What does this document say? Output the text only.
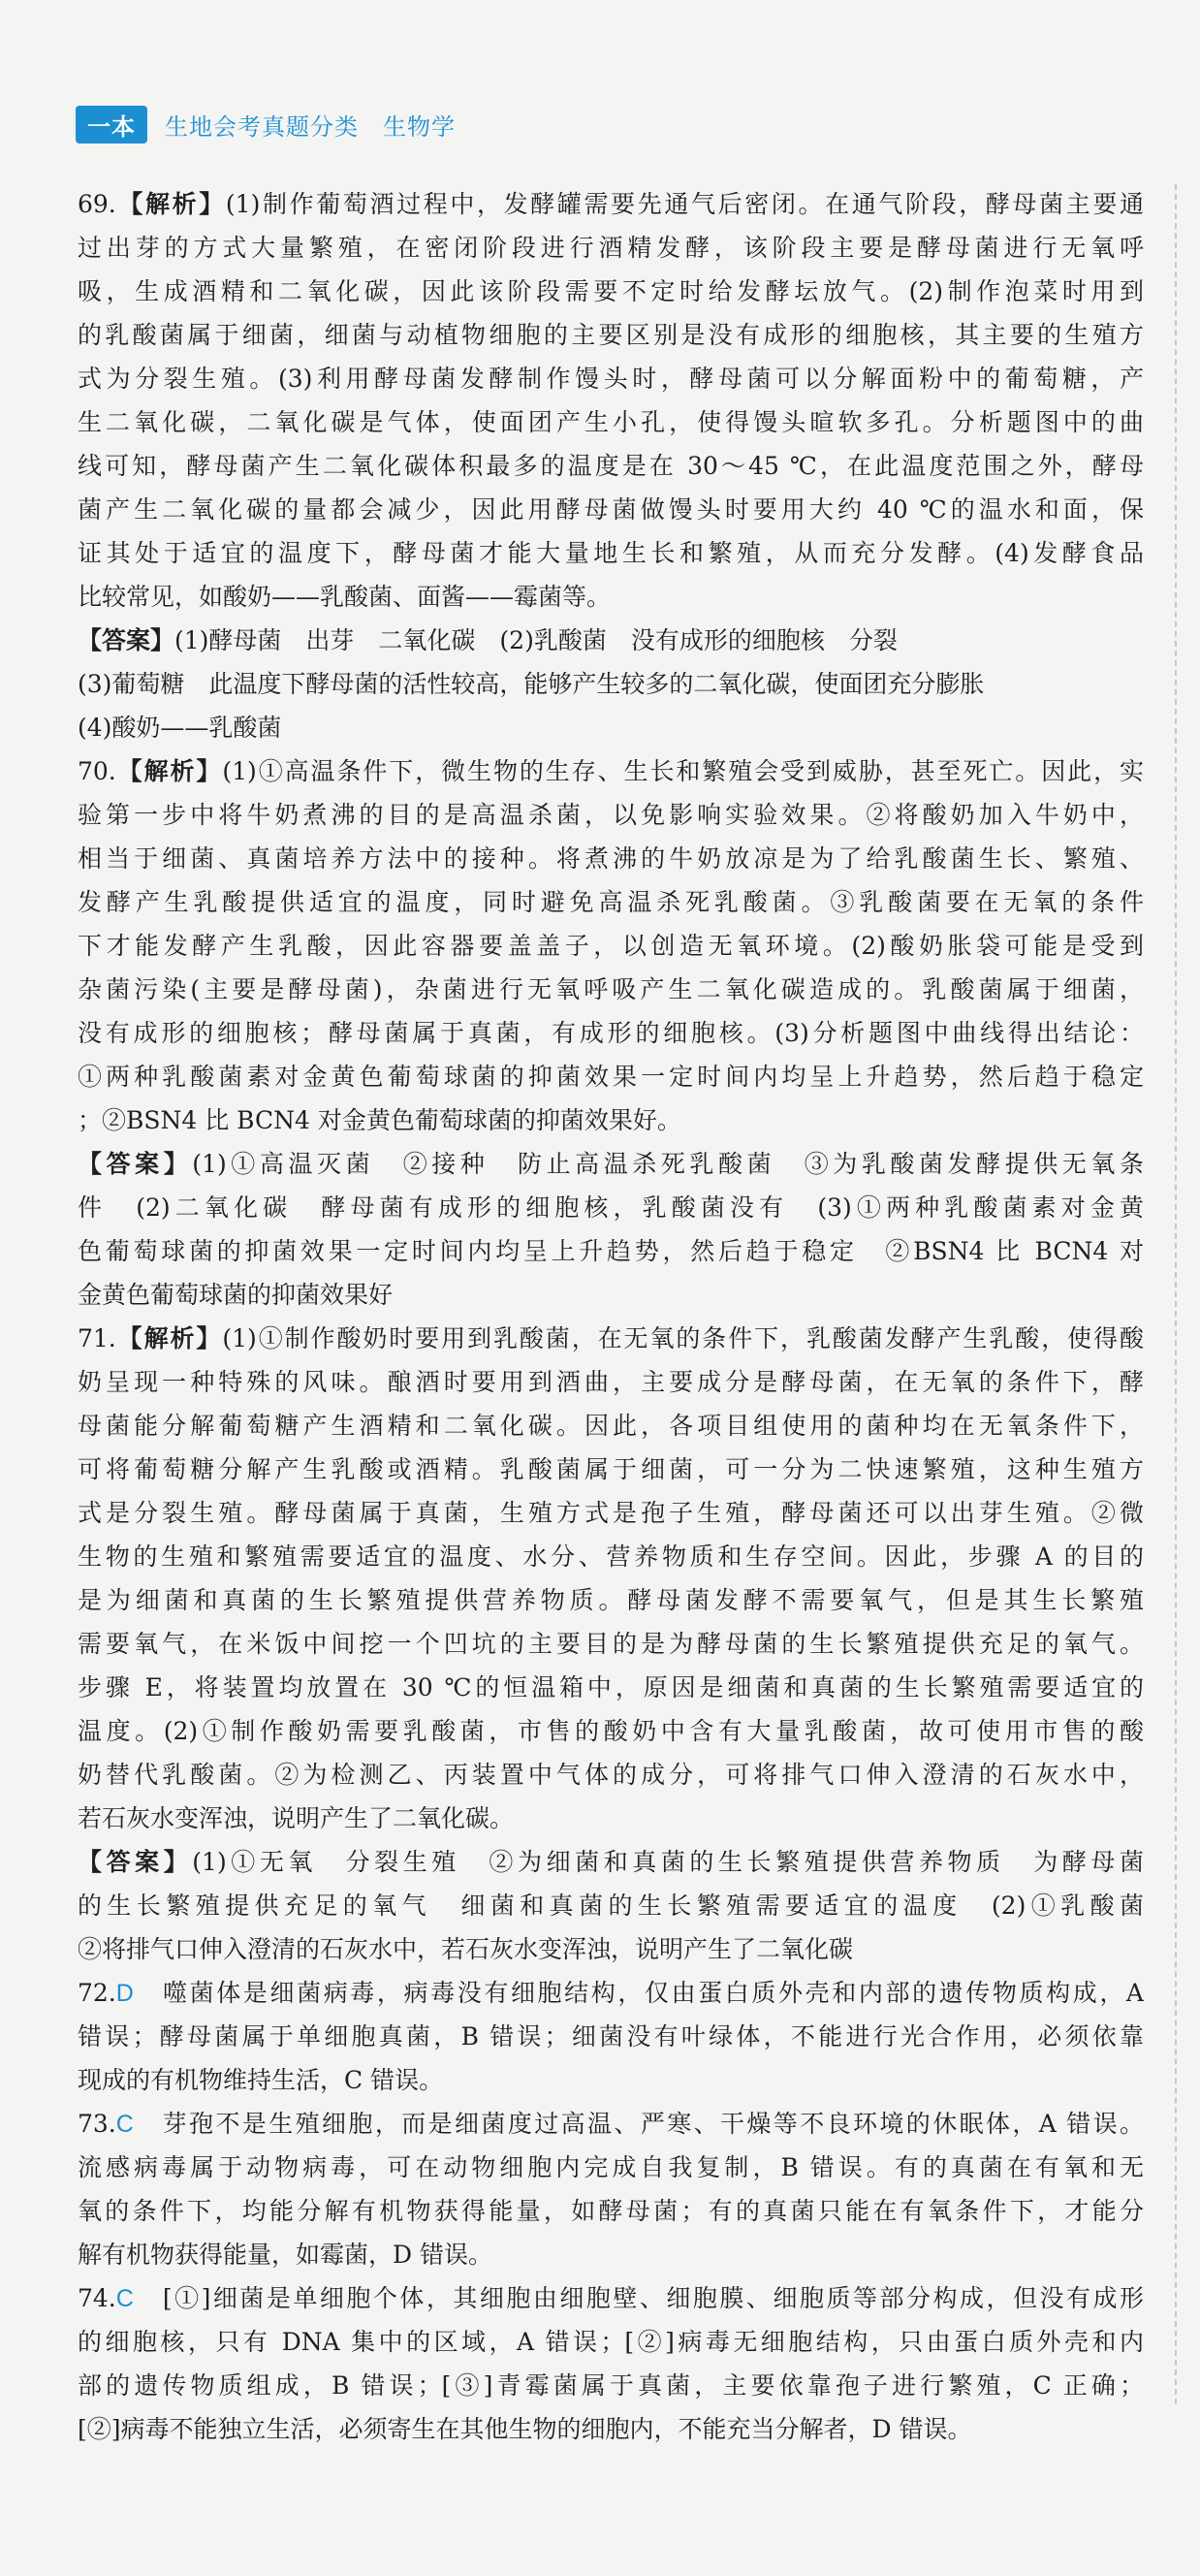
一本	生地会考真题分类　生物学
69.【解析】(1)制作葡萄酒过程中，发酵罐需要先通气后密闭。在通气阶段，酵母菌主要通
过出芽的方式大量繁殖，在密闭阶段进行酒精发酵，该阶段主要是酵母菌进行无氧呼
吸，生成酒精和二氧化碳，因此该阶段需要不定时给发酵坛放气。(2)制作泡菜时用到
的乳酸菌属于细菌，细菌与动植物细胞的主要区别是没有成形的细胞核，其主要的生殖方
式为分裂生殖。(3)利用酵母菌发酵制作馒头时，酵母菌可以分解面粉中的葡萄糖，产
生二氧化碳，二氧化碳是气体，使面团产生小孔，使得馒头暄软多孔。分析题图中的曲
线可知，酵母菌产生二氧化碳体积最多的温度是在 30～45 ℃，在此温度范围之外，酵母
菌产生二氧化碳的量都会减少，因此用酵母菌做馒头时要用大约 40 ℃的温水和面，保
证其处于适宜的温度下，酵母菌才能大量地生长和繁殖，从而充分发酵。(4)发酵食品
比较常见，如酸奶——乳酸菌、面酱——霉菌等。
【答案】(1)酵母菌　出芽　二氧化碳　(2)乳酸菌　没有成形的细胞核　分裂
(3)葡萄糖　此温度下酵母菌的活性较高，能够产生较多的二氧化碳，使面团充分膨胀
(4)酸奶——乳酸菌
70.【解析】(1)①高温条件下，微生物的生存、生长和繁殖会受到威胁，甚至死亡。因此，实
验第一步中将牛奶煮沸的目的是高温杀菌，以免影响实验效果。②将酸奶加入牛奶中，
相当于细菌、真菌培养方法中的接种。将煮沸的牛奶放凉是为了给乳酸菌生长、繁殖、
发酵产生乳酸提供适宜的温度，同时避免高温杀死乳酸菌。③乳酸菌要在无氧的条件
下才能发酵产生乳酸，因此容器要盖盖子，以创造无氧环境。(2)酸奶胀袋可能是受到
杂菌污染(主要是酵母菌)，杂菌进行无氧呼吸产生二氧化碳造成的。乳酸菌属于细菌，
没有成形的细胞核；酵母菌属于真菌，有成形的细胞核。(3)分析题图中曲线得出结论：
①两种乳酸菌素对金黄色葡萄球菌的抑菌效果一定时间内均呈上升趋势，然后趋于稳定
；②BSN4 比 BCN4 对金黄色葡萄球菌的抑菌效果好。
【答案】(1)①高温灭菌　②接种　防止高温杀死乳酸菌　③为乳酸菌发酵提供无氧条
件　(2)二氧化碳　酵母菌有成形的细胞核，乳酸菌没有　(3)①两种乳酸菌素对金黄
色葡萄球菌的抑菌效果一定时间内均呈上升趋势，然后趋于稳定　②BSN4 比 BCN4 对
金黄色葡萄球菌的抑菌效果好
71.【解析】(1)①制作酸奶时要用到乳酸菌，在无氧的条件下，乳酸菌发酵产生乳酸，使得酸
奶呈现一种特殊的风味。酿酒时要用到酒曲，主要成分是酵母菌，在无氧的条件下，酵
母菌能分解葡萄糖产生酒精和二氧化碳。因此，各项目组使用的菌种均在无氧条件下，
可将葡萄糖分解产生乳酸或酒精。乳酸菌属于细菌，可一分为二快速繁殖，这种生殖方
式是分裂生殖。酵母菌属于真菌，生殖方式是孢子生殖，酵母菌还可以出芽生殖。②微
生物的生殖和繁殖需要适宜的温度、水分、营养物质和生存空间。因此，步骤 A 的目的
是为细菌和真菌的生长繁殖提供营养物质。酵母菌发酵不需要氧气，但是其生长繁殖
需要氧气，在米饭中间挖一个凹坑的主要目的是为酵母菌的生长繁殖提供充足的氧气。
步骤 E，将装置均放置在 30 ℃的恒温箱中，原因是细菌和真菌的生长繁殖需要适宜的
温度。(2)①制作酸奶需要乳酸菌，市售的酸奶中含有大量乳酸菌，故可使用市售的酸
奶替代乳酸菌。②为检测乙、丙装置中气体的成分，可将排气口伸入澄清的石灰水中，
若石灰水变浑浊，说明产生了二氧化碳。
【答案】(1)①无氧　分裂生殖　②为细菌和真菌的生长繁殖提供营养物质　为酵母菌
的生长繁殖提供充足的氧气　细菌和真菌的生长繁殖需要适宜的温度　(2)①乳酸菌
②将排气口伸入澄清的石灰水中，若石灰水变浑浊，说明产生了二氧化碳
72.D　 噬菌体是细菌病毒，病毒没有细胞结构，仅由蛋白质外壳和内部的遗传物质构成，A
错误；酵母菌属于单细胞真菌，B 错误；细菌没有叶绿体，不能进行光合作用，必须依靠
现成的有机物维持生活，C 错误。
73.C　 芽孢不是生殖细胞，而是细菌度过高温、严寒、干燥等不良环境的休眠体，A 错误。
流感病毒属于动物病毒，可在动物细胞内完成自我复制，B 错误。有的真菌在有氧和无
氧的条件下，均能分解有机物获得能量，如酵母菌；有的真菌只能在有氧条件下，才能分
解有机物获得能量，如霉菌，D 错误。
74.C　 [①]细菌是单细胞个体，其细胞由细胞壁、细胞膜、细胞质等部分构成，但没有成形
的细胞核，只有 DNA 集中的区域，A 错误；[②]病毒无细胞结构，只由蛋白质外壳和内
部的遗传物质组成，B 错误；[③]青霉菌属于真菌，主要依靠孢子进行繁殖，C 正确；
[②]病毒不能独立生活，必须寄生在其他生物的细胞内，不能充当分解者，D 错误。
